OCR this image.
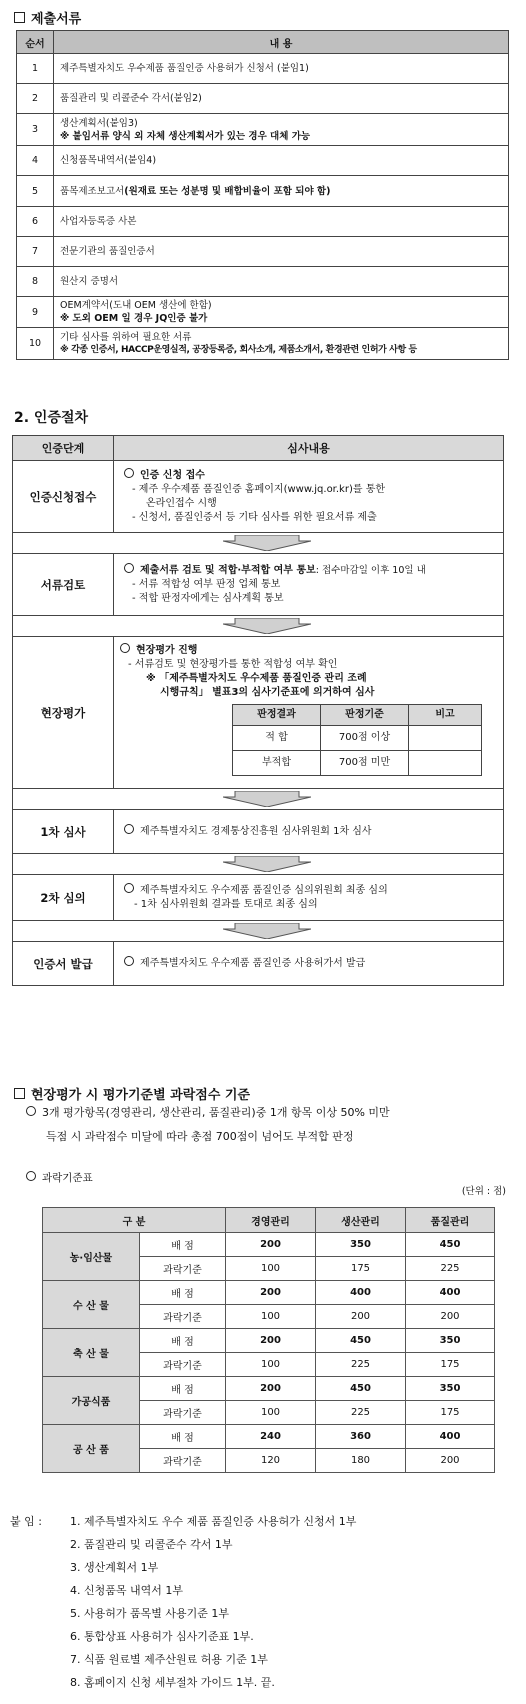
제출서류
순서	내 용
1	제주특별자치도 우수제품 품질인증 사용허가 신청서 (붙임1)
2	품질관리 및 리콜준수 각서(붙임2)
3	생산계획서(붙임3)
※ 붙임서류 양식 외 자체 생산계획서가 있는 경우 대체 가능

4	신청품목내역서(붙임4)
5	품목제조보고서(원재료 또는 성분명 및 배합비율이 포함 되야 함)
6	사업자등록증 사본
7	전문기관의 품질인증서
8	원산지 증명서
9	OEM계약서(도내 OEM 생산에 한함)
※ 도외 OEM 일 경우 JQ인증 불가

10	기타 심사를 위하여 필요한 서류
※ 각종 인증서, HACCP운영실적, 공장등록증, 회사소개, 제품소개서, 환경관련 인허가 사항 등
2. 인증절차
인증단계	심사내용
인증신청접수	
인증 신청 접수
- 제주 우수제품 품질인증 홈페이지(www.jq.or.kr)를 통한
온라인접수 시행
- 신청서, 품질인증서 등 기타 심사를 위한 필요서류 제출

서류검토	
제출서류 검토 및 적합·부적합 여부 통보: 접수마감일 이후 10일 내
- 서류 적합성 여부 판정 업체 통보
- 적합 판정자에게는 심사계획 통보

현장평가	
현장평가 진행
- 서류검토 및 현장평가를 통한 적합성 여부 확인
※ 「제주특별자치도 우수제품 품질인증 관리 조례
시행규칙」 별표3의 심사기준표에 의거하여 심사
판정결과	판정기준	비고
적 합	700점 이상	
부적합	700점 미만	

1차 심사	제주특별자치도 경제통상진흥원 심사위원회 1차 심사

2차 심의	제주특별자치도 우수제품 품질인증 심의위원회 최종 심의
- 1차 심사위원회 결과를 토대로 최종 심의

인증서 발급	제주특별자치도 우수제품 품질인증 사용허가서 발급
현장평가 시 평가기준별 과락점수 기준
3개 평가항목(경영관리, 생산관리, 품질관리)중 1개 항목 이상 50% 미만
득점 시 과락점수 미달에 따라 총점 700점이 넘어도 부적합 판정
과락기준표
(단위 : 점)
구 분		경영관리	생산관리	품질관리
농·임산물	배 점	200	350	450
	과락기준	100	175	225
수 산 물	배 점	200	400	400
	과락기준	100	200	200
축 산 물	배 점	200	450	350
	과락기준	100	225	175
가공식품	배 점	200	450	350
	과락기준	100	225	175
공 산 품	배 점	240	360	400
	과락기준	120	180	200
붙 임 :	1. 제주특별자치도 우수 제품 품질인증 사용허가 신청서 1부
2. 품질관리 및 리콜준수 각서 1부
3. 생산계획서 1부
4. 신청품목 내역서 1부
5. 사용허가 품목별 사용기준 1부
6. 통합상표 사용허가 심사기준표 1부.
7. 식품 원료별 제주산원료 허용 기준 1부
8. 홈페이지 신청 세부절차 가이드 1부. 끝.
